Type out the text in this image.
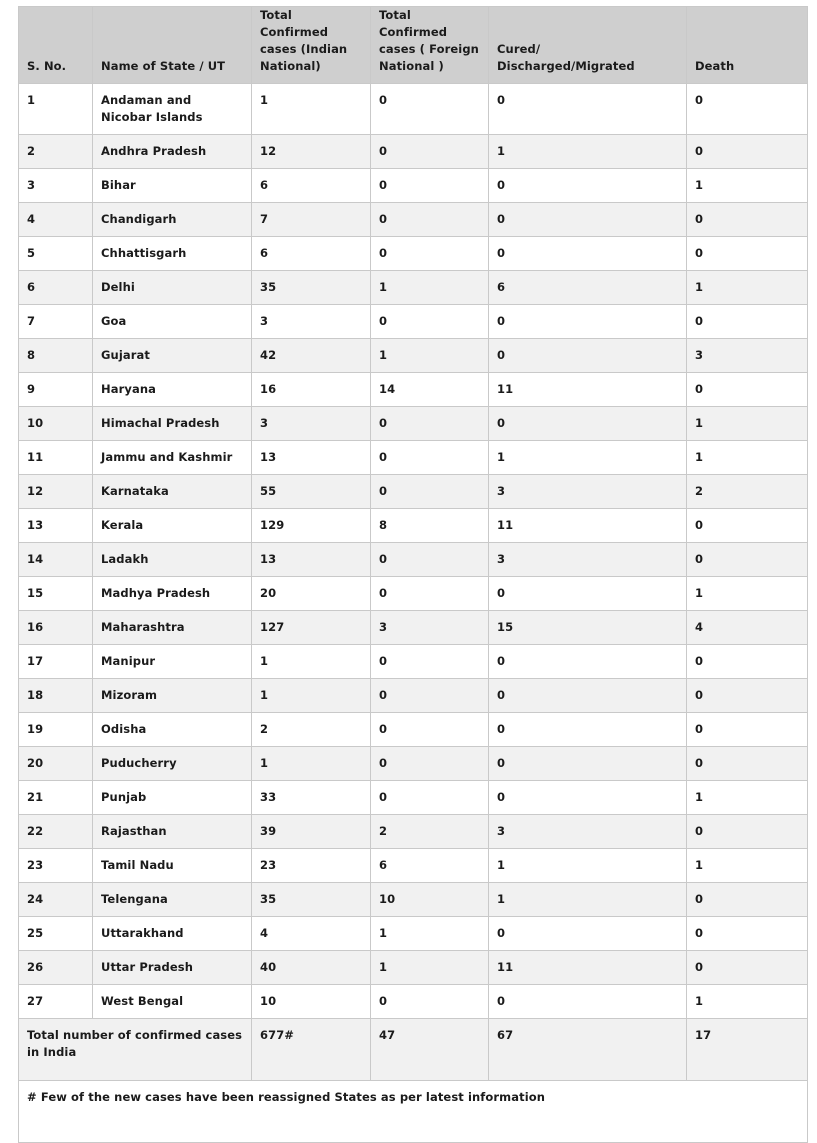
S. No.	Name of State / UT	Total Confirmed cases (Indian National)	Total Confirmed cases ( Foreign National )	Cured/ Discharged/Migrated	Death
1	Andaman and Nicobar Islands	1	0	0	0
2	Andhra Pradesh	12	0	1	0
3	Bihar	6	0	0	1
4	Chandigarh	7	0	0	0
5	Chhattisgarh	6	0	0	0
6	Delhi	35	1	6	1
7	Goa	3	0	0	0
8	Gujarat	42	1	0	3
9	Haryana	16	14	11	0
10	Himachal Pradesh	3	0	0	1
11	Jammu and Kashmir	13	0	1	1
12	Karnataka	55	0	3	2
13	Kerala	129	8	11	0
14	Ladakh	13	0	3	0
15	Madhya Pradesh	20	0	0	1
16	Maharashtra	127	3	15	4
17	Manipur	1	0	0	0
18	Mizoram	1	0	0	0
19	Odisha	2	0	0	0
20	Puducherry	1	0	0	0
21	Punjab	33	0	0	1
22	Rajasthan	39	2	3	0
23	Tamil Nadu	23	6	1	1
24	Telengana	35	10	1	0
25	Uttarakhand	4	1	0	0
26	Uttar Pradesh	40	1	11	0
27	West Bengal	10	0	0	1
Total number of confirmed cases in India		677#	47	67	17
# Few of the new cases have been reassigned States as per latest information					
